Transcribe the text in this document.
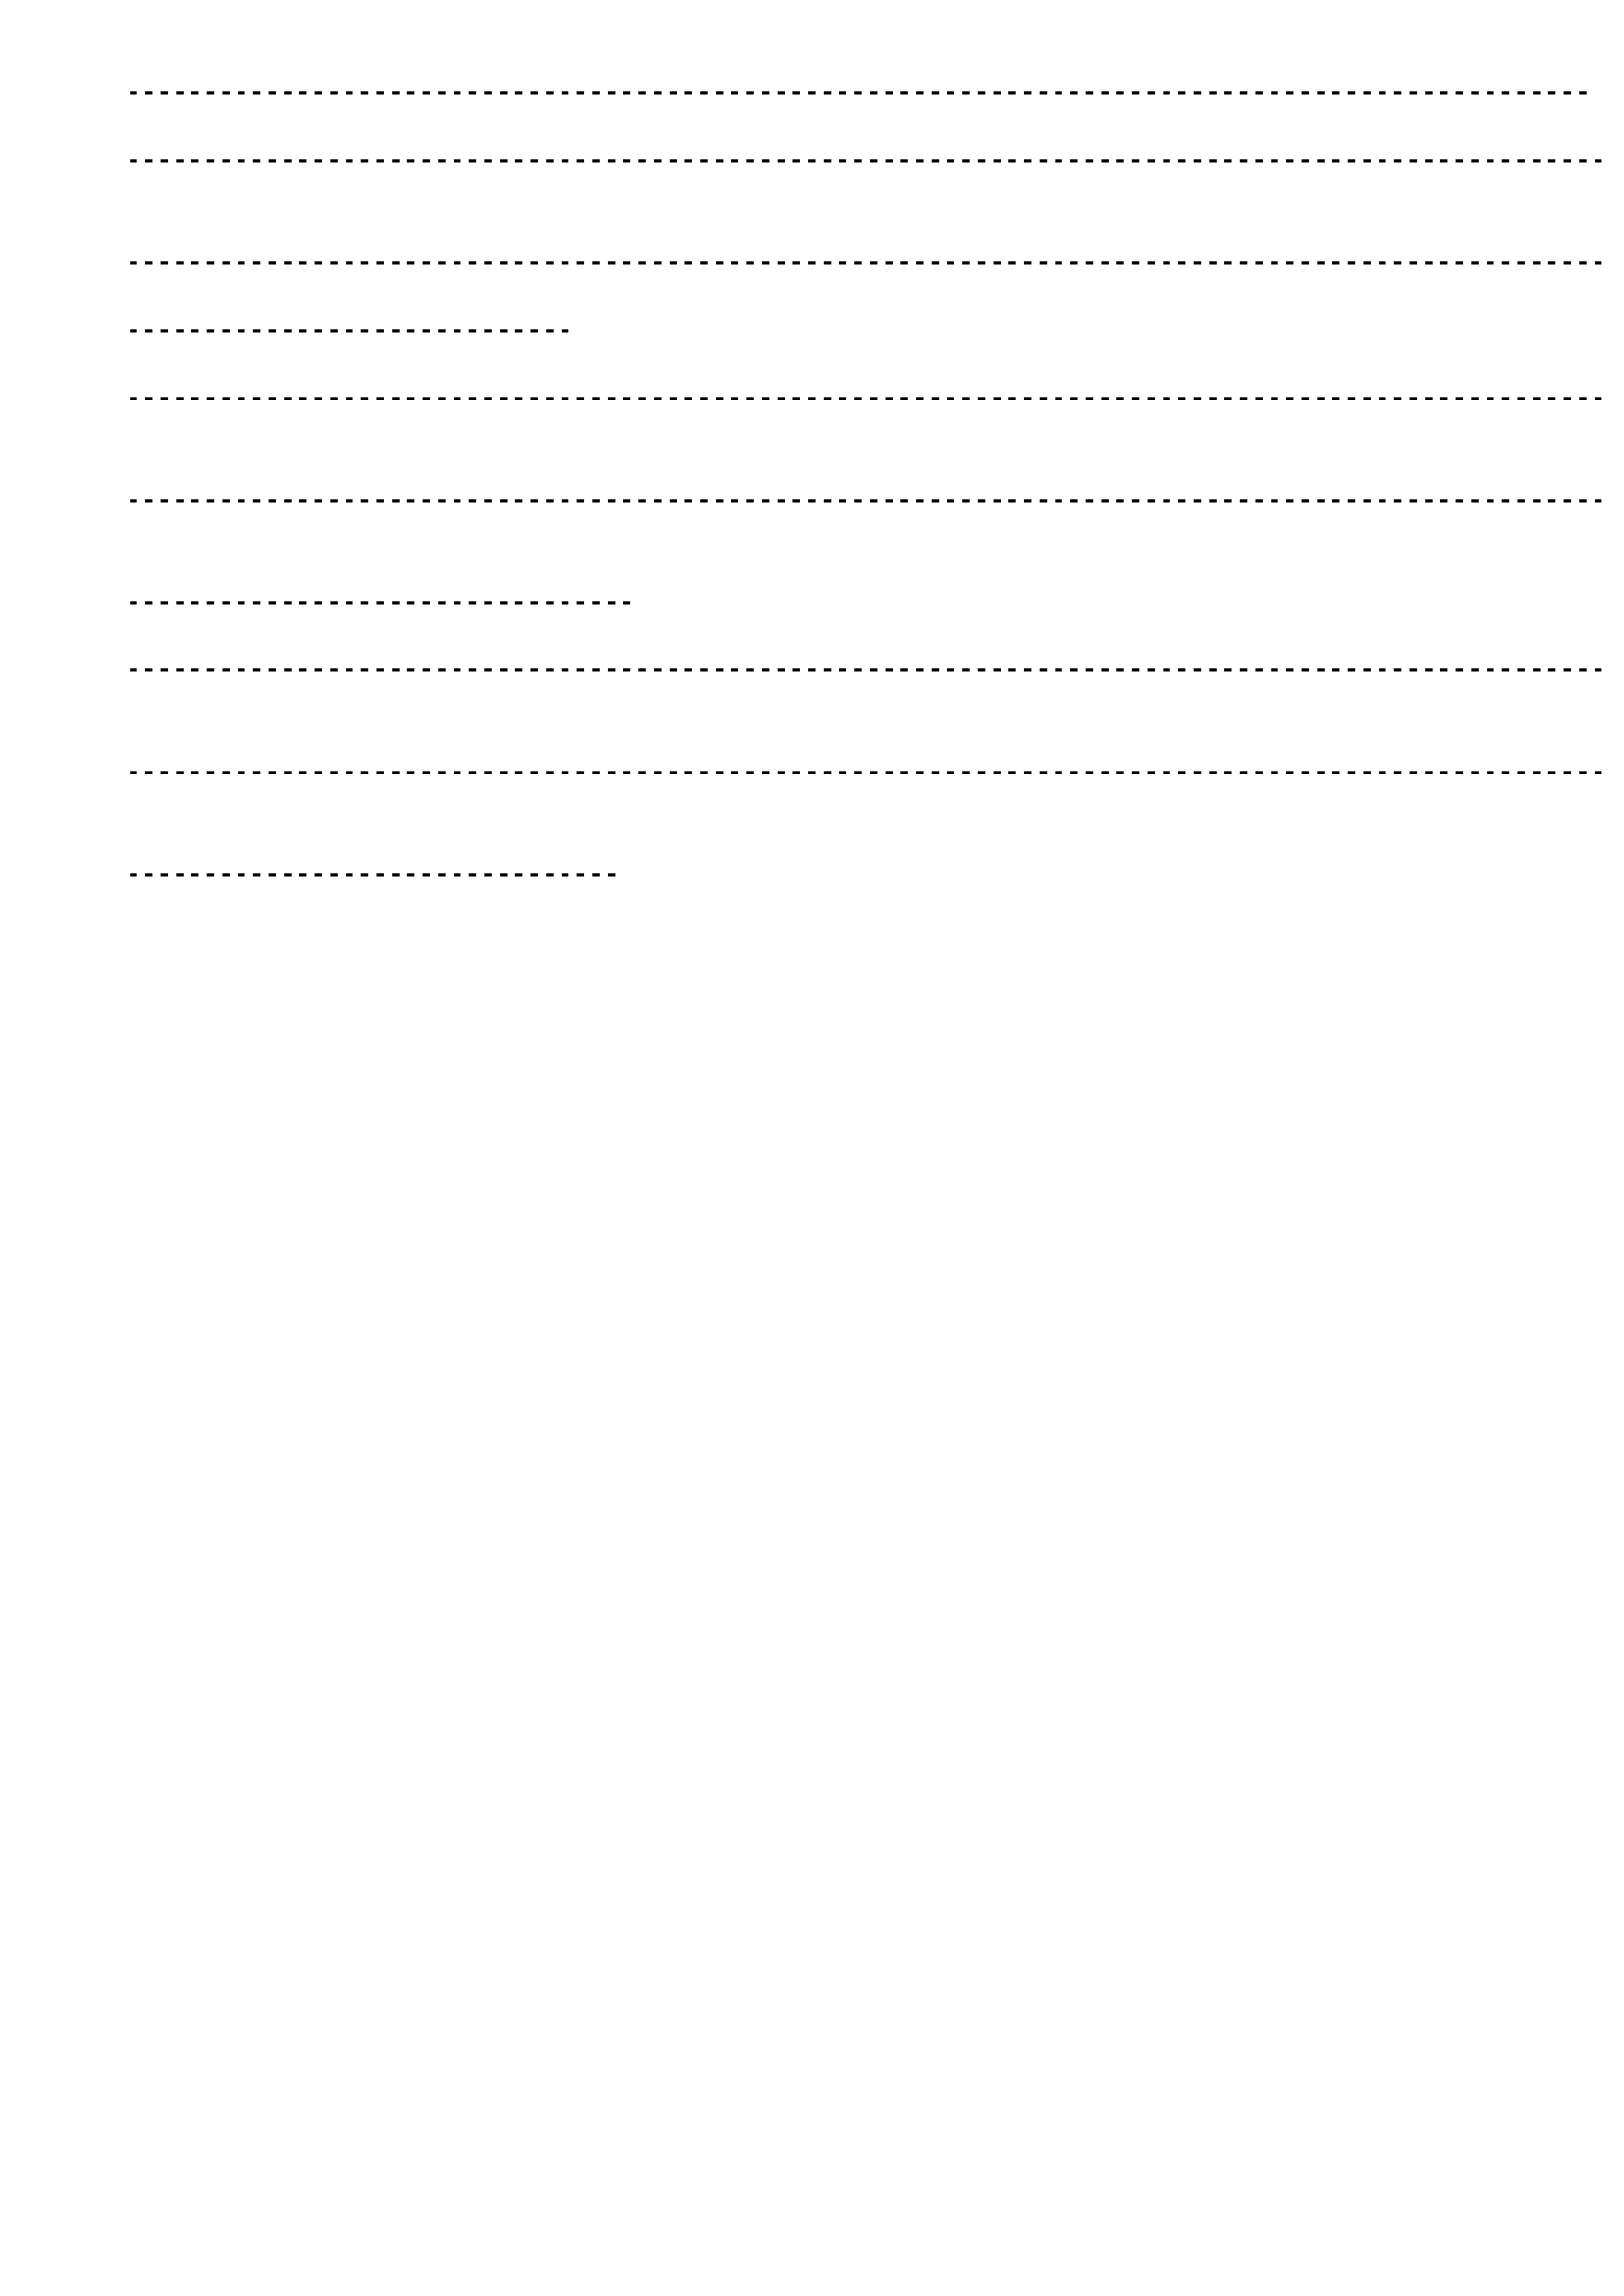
-----------------------------------------------------------------------------------------------

------------------------------------------------------------------------------------------------
------------------------------------------------------------------------------------------------
-----------------------------

------------------------------------------------------------------------------------------------
------------------------------------------------------------------------------------------------
---------------------------------

------------------------------------------------------------------------------------------------
------------------------------------------------------------------------------------------------
--------------------------------
